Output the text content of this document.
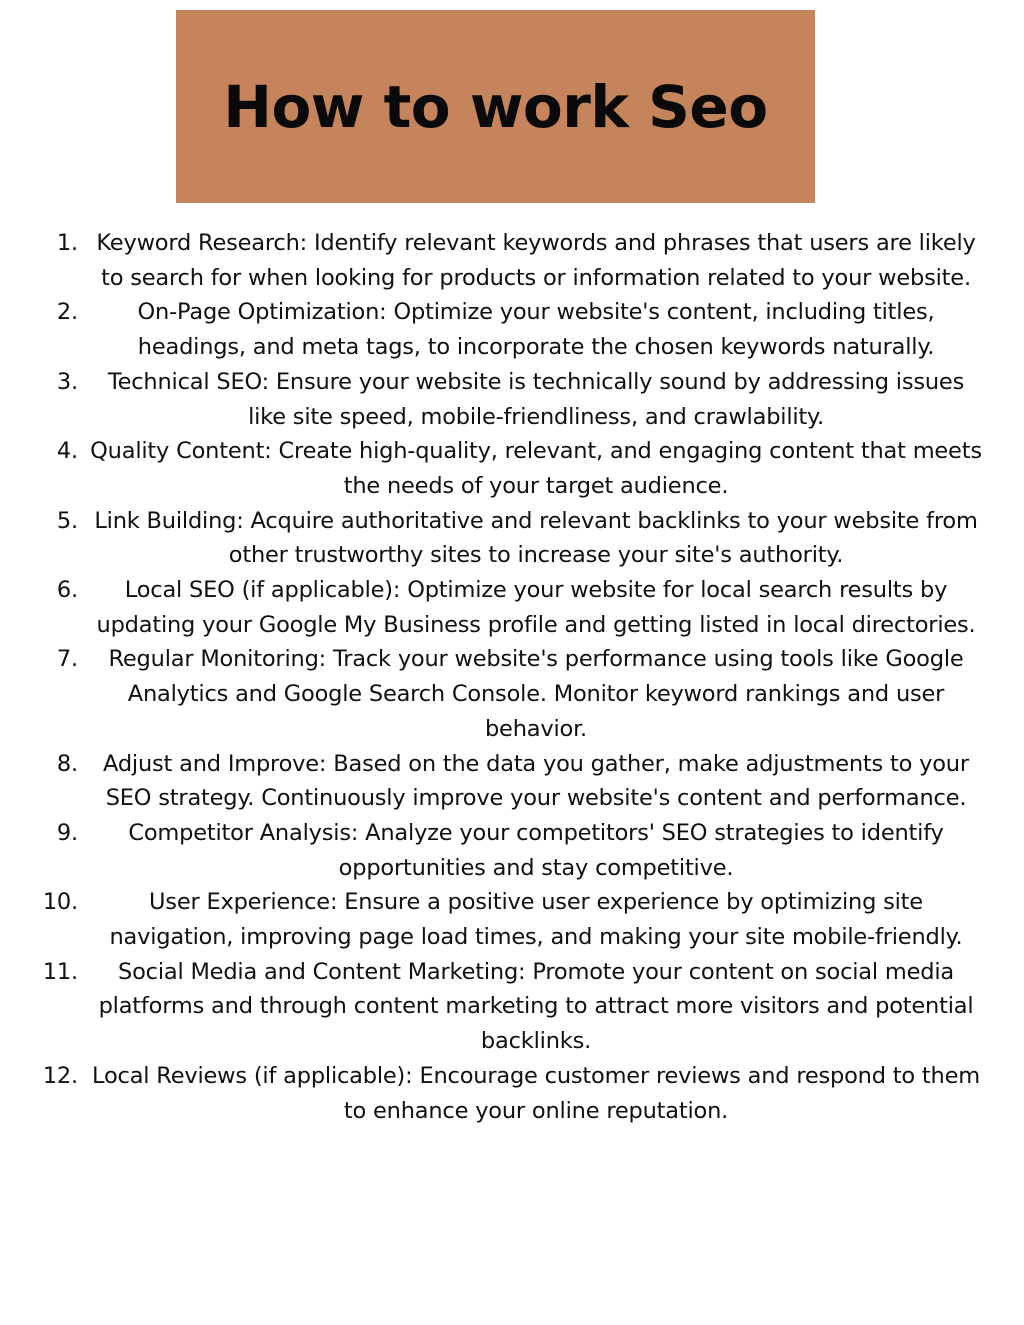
How to work Seo
1. Keyword Research: Identify relevant keywords and phrases that users are likely to search for when looking for products or information related to your website.
2.	On-Page Optimization: Optimize your website's content, including titles, headings, and meta tags, to incorporate the chosen keywords naturally.
3. Technical SEO: Ensure your website is technically sound by addressing issues like site speed, mobile-friendliness, and crawlability.
4. Quality Content: Create high-quality, relevant, and engaging content that meets the needs of your target audience.
5. Link Building: Acquire authoritative and relevant backlinks to your website from other trustworthy sites to increase your site's authority.
6. Local SEO (if applicable): Optimize your website for local search results by updating your Google My Business profile and getting listed in local directories.
7. Regular Monitoring: Track your website's performance using tools like Google Analytics and Google Search Console. Monitor keyword rankings and user behavior.
8. Adjust and Improve: Based on the data you gather, make adjustments to your SEO strategy. Continuously improve your website's content and performance.
9. Competitor Analysis: Analyze your competitors' SEO strategies to identify opportunities and stay competitive.
10.	User Experience: Ensure a positive user experience by optimizing site navigation, improving page load times, and making your site mobile-friendly.
11. Social Media and Content Marketing: Promote your content on social media platforms and through content marketing to attract more visitors and potential backlinks.
12. Local Reviews (if applicable): Encourage customer reviews and respond to them to enhance your online reputation.
